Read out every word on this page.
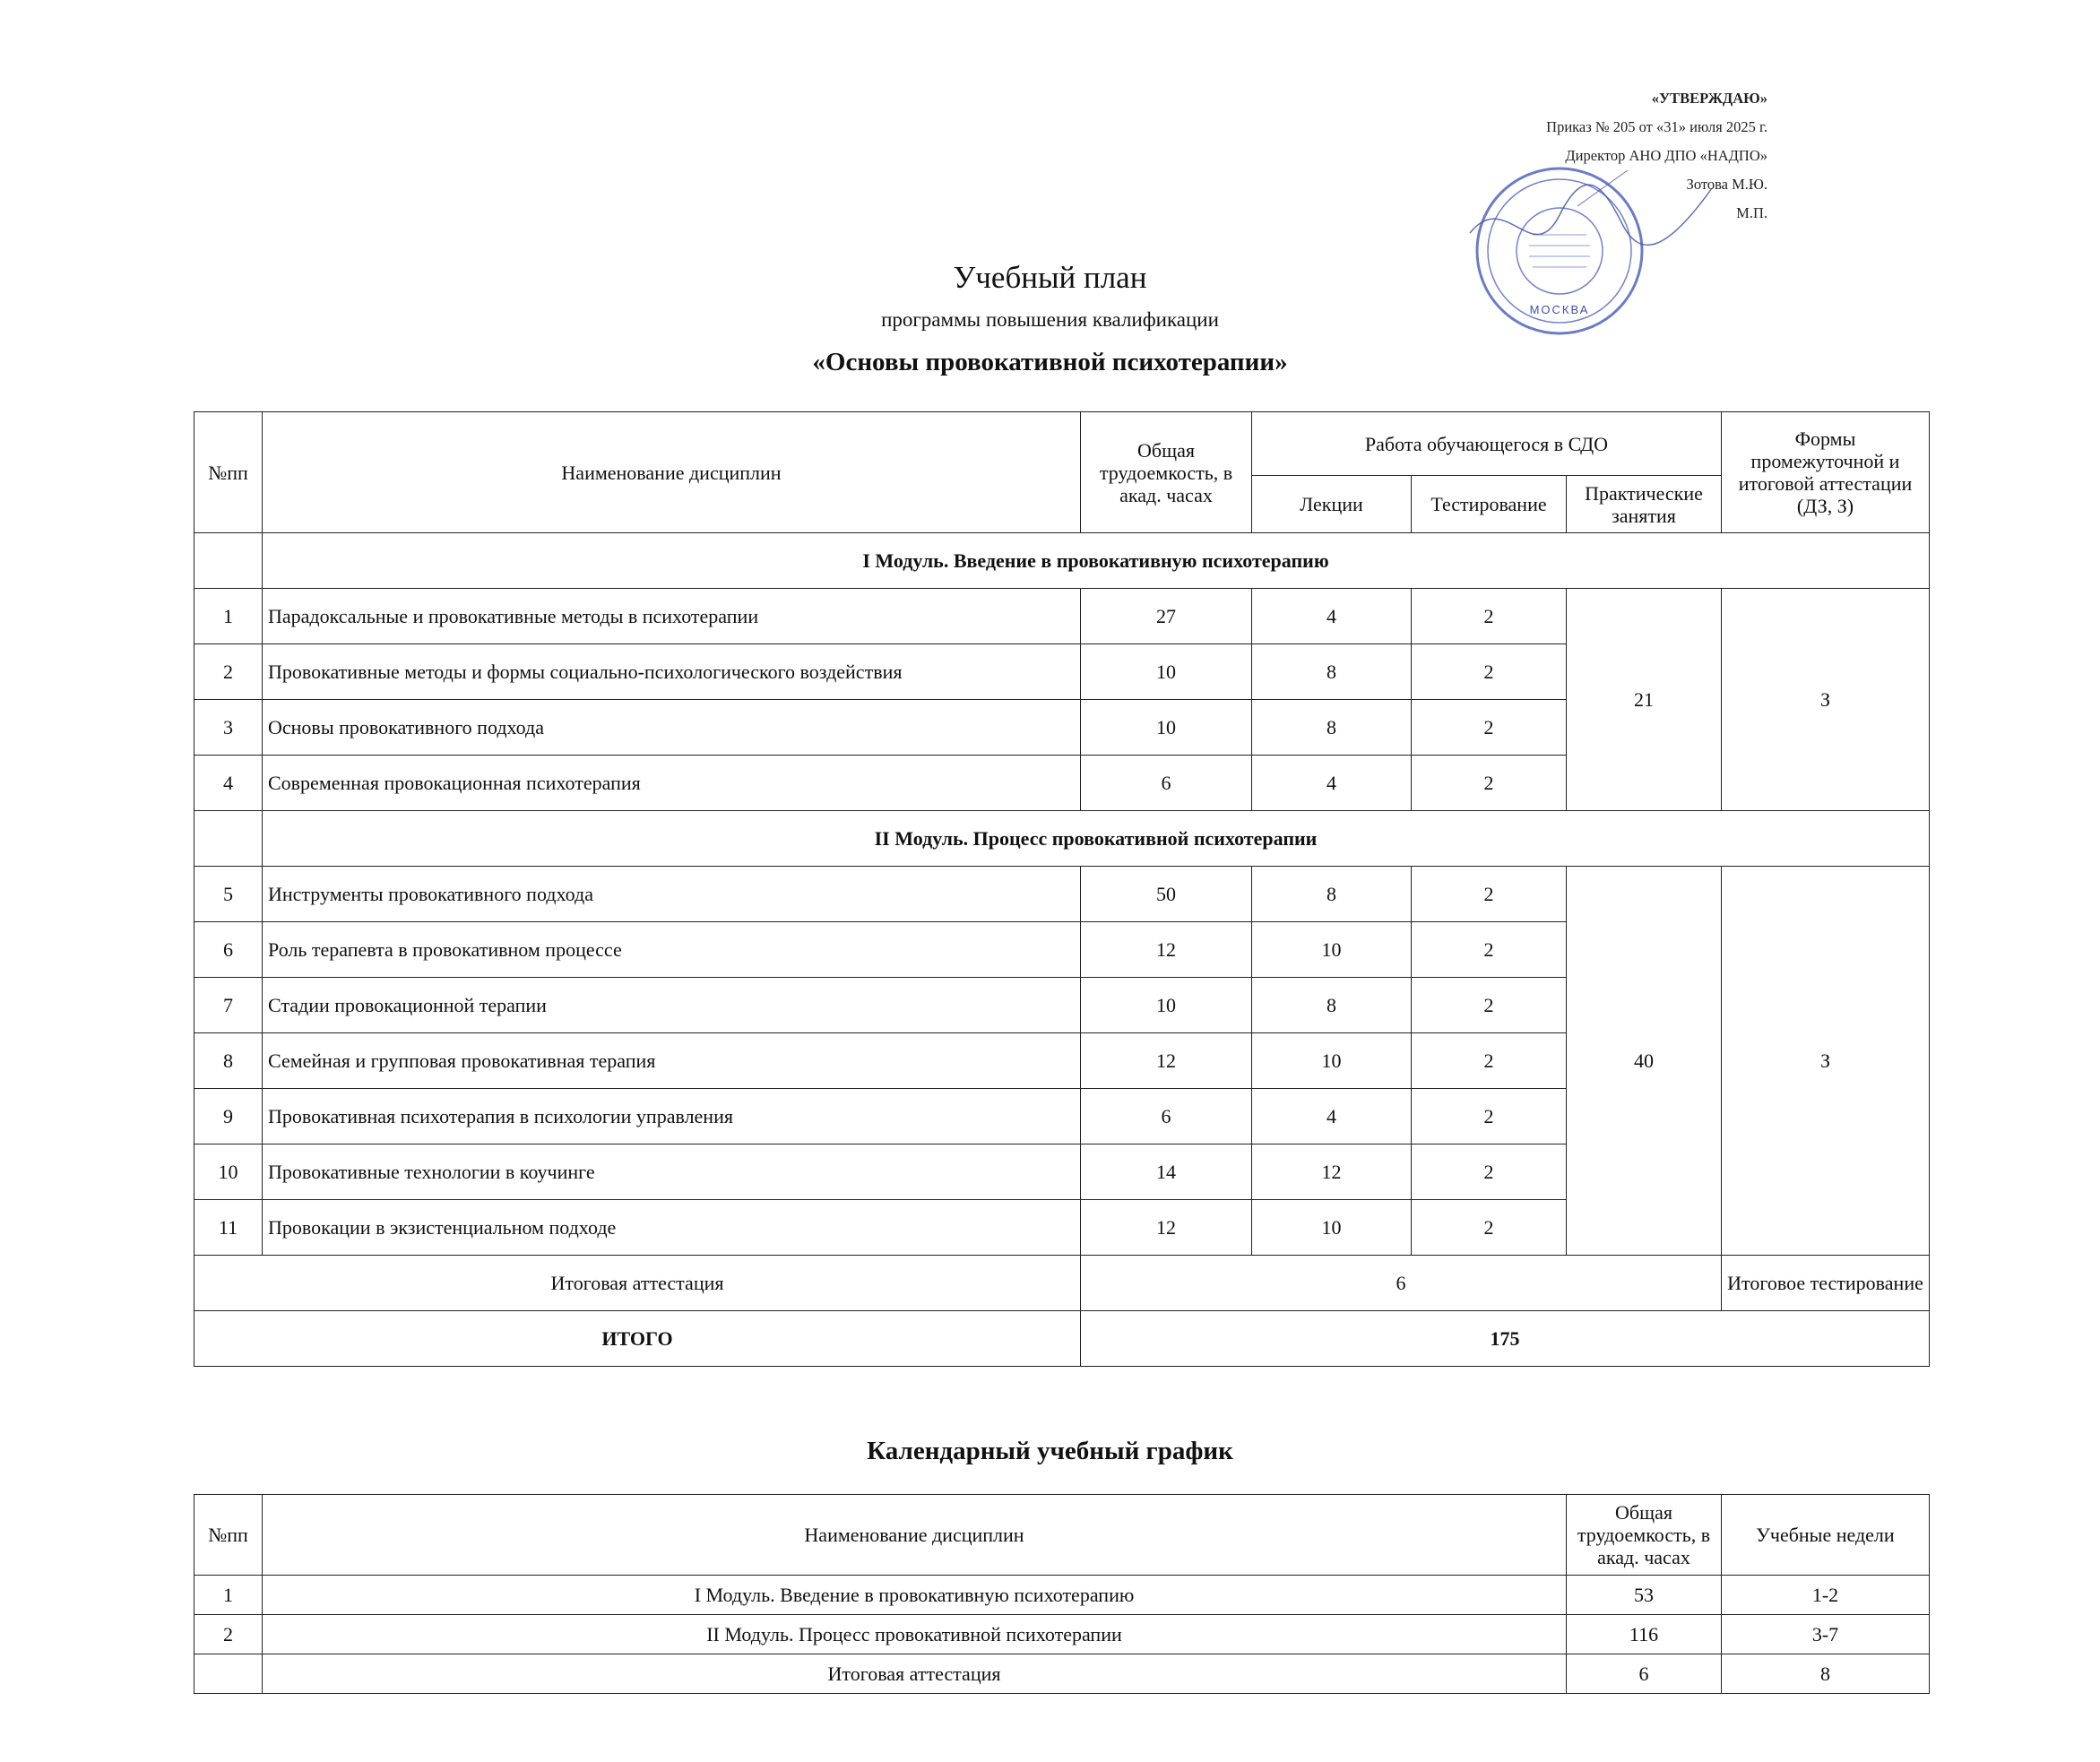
«УТВЕРЖДАЮ»
Приказ № 205 от «31» июля 2025 г.
Директор АНО ДПО «НАДПО»
Зотова М.Ю.
М.П.
МОСКВА
Учебный план
программы повышения квалификации
«Основы провокативной психотерапии»
№пп	Наименование дисциплин	Общая трудоемкость, в акад. часах	Работа обучающегося в СДО			Формы промежуточной и итоговой аттестации (ДЗ, З)
			Лекции	Тестирование	Практические занятия	
	I Модуль. Введение в провокативную психотерапию					
1	Парадоксальные и провокативные методы в психотерапии	27	4	2	21	З
2	Провокативные методы и формы социально-психологического воздействия	10	8	2		
3	Основы провокативного подхода	10	8	2		
4	Современная провокационная психотерапия	6	4	2		
	II Модуль. Процесс провокативной психотерапии					
5	Инструменты провокативного подхода	50	8	2	40	З
6	Роль терапевта в провокативном процессе	12	10	2		
7	Стадии провокационной терапии	10	8	2		
8	Семейная и групповая провокативная терапия	12	10	2		
9	Провокативная психотерапия в психологии управления	6	4	2		
10	Провокативные технологии в коучинге	14	12	2		
11	Провокации в экзистенциальном подходе	12	10	2		
Итоговая аттестация		6				Итоговое тестирование
ИТОГО		175				
Календарный учебный график
№пп	Наименование дисциплин	Общая трудоемкость, в акад. часах	Учебные недели
1	I Модуль. Введение в провокативную психотерапию	53	1-2
2	II Модуль. Процесс провокативной психотерапии	116	3-7
	Итоговая аттестация	6	8
